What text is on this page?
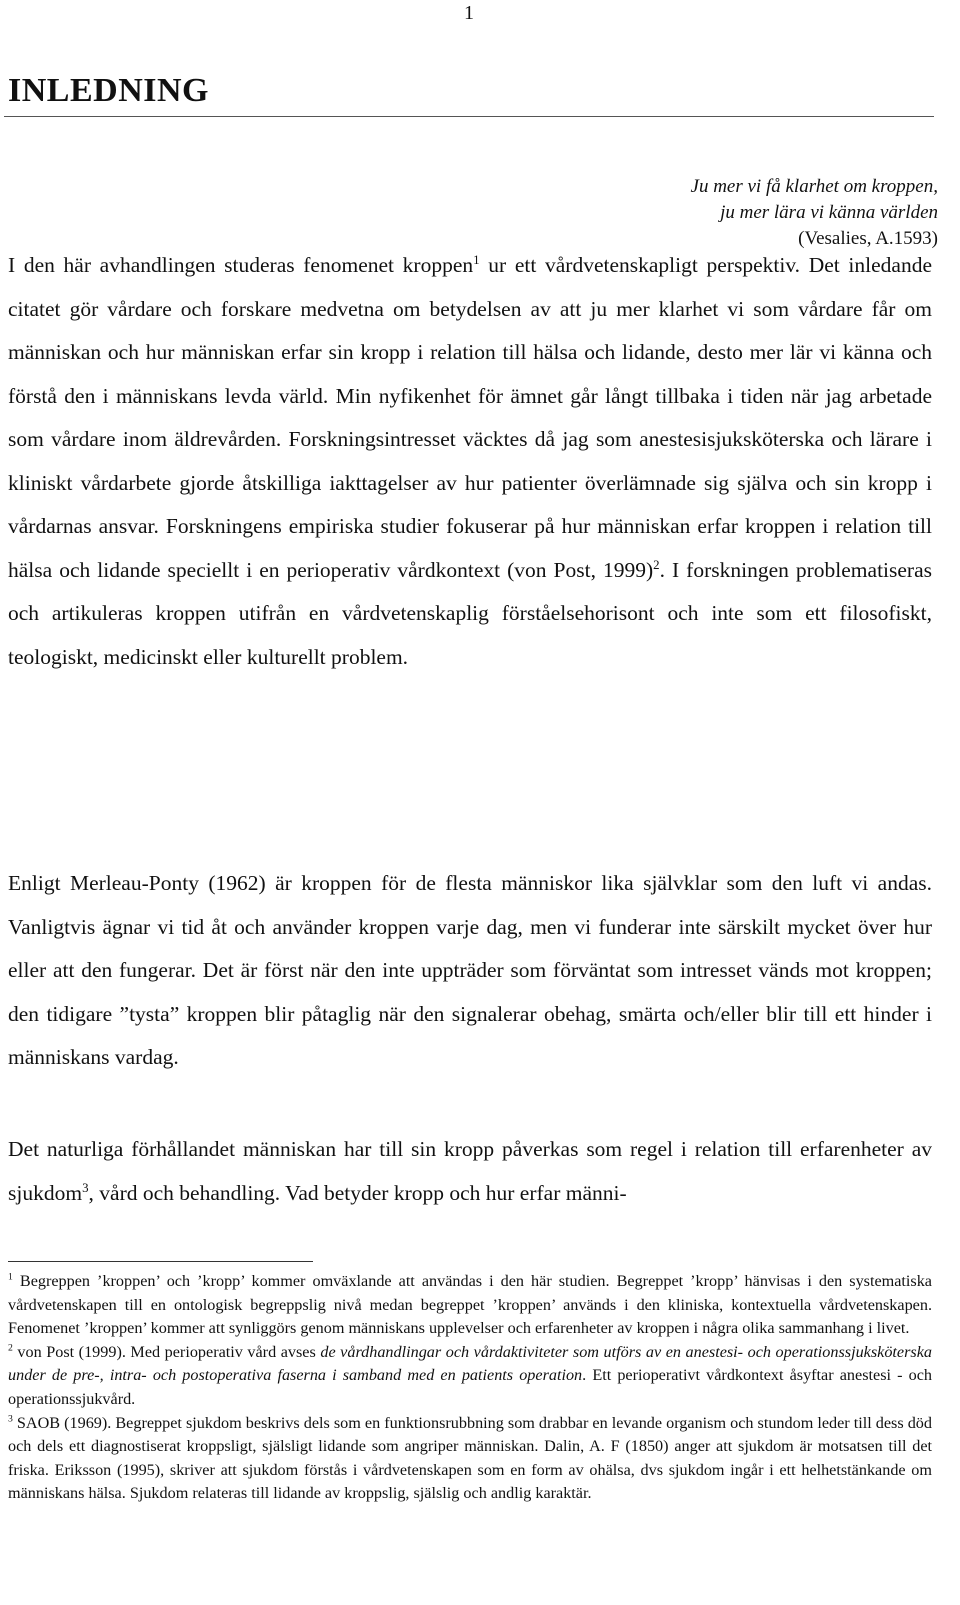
1
INLEDNING
Ju mer vi få klarhet om kroppen,
ju mer lära vi känna världen
(Vesalies, A.1593)

I den här avhandlingen studeras fenomenet kroppen$^1$ ur ett vårdvetenskapligt perspektiv. Det inledande citatet gör vårdare och forskare medvetna om betydelsen av att ju mer klarhet vi som vårdare får om människan och hur människan erfar sin kropp i relation till hälsa och lidande, desto mer lär vi känna och förstå den i människans levda värld. Min nyfikenhet för ämnet går långt tillbaka i tiden när jag arbetade som vårdare inom äldrevården. Forskningsintresset väcktes då jag som anestesisjuksköterska och lärare i kliniskt vårdarbete gjorde åtskilliga iakttagelser av hur patienter överlämnade sig själva och sin kropp i vårdarnas ansvar. Forskningens empiriska studier fokuserar på hur människan erfar kroppen i relation till hälsa och lidande speciellt i en perioperativ vårdkontext (von Post, 1999)$^2$. I forskningen problematiseras och artikuleras kroppen utifrån en vårdvetenskaplig förståelsehorisont och inte som ett filosofiskt, teologiskt, medicinskt eller kulturellt problem.

Enligt Merleau-Ponty (1962) är kroppen för de flesta människor lika självklar som den luft vi andas. Vanligtvis ägnar vi tid åt och använder kroppen varje dag, men vi funderar inte särskilt mycket över hur eller att den fungerar. Det är först när den inte uppträder som förväntat som intresset vänds mot kroppen; den tidigare ”tysta” kroppen blir påtaglig när den signalerar obehag, smärta och/eller blir till ett hinder i människans vardag.

Det naturliga förhållandet människan har till sin kropp påverkas som regel i relation till erfarenheter av sjukdom$^3$, vård och behandling. Vad betyder kropp och hur erfar männi-

$^1$ Begreppen ’kroppen’ och ’kropp’ kommer omväxlande att användas i den här studien. Begreppet ’kropp’ hänvisas i den systematiska vårdvetenskapen till en ontologisk begreppslig nivå medan begreppet ’kroppen’ används i den kliniska, kontextuella vårdvetenskapen. Fenomenet ’kroppen’ kommer att synliggörs genom människans upplevelser och erfarenheter av kroppen i några olika sammanhang i livet.

$^2$ von Post (1999). Med perioperativ vård avses de vårdhandlingar och vårdaktiviteter som utförs av en anestesi- och operationssjuksköterska under de pre-, intra- och postoperativa faserna i samband med en patients operation. Ett perioperativt vårdkontext åsyftar anestesi - och operationssjukvård.

$^3$ SAOB (1969). Begreppet sjukdom beskrivs dels som en funktionsrubbning som drabbar en levande organism och stundom leder till dess död och dels ett diagnostiserat kroppsligt, själsligt lidande som angriper människan. Dalin, A. F (1850) anger att sjukdom är motsatsen till det friska. Eriksson (1995), skriver att sjukdom förstås i vårdvetenskapen som en form av ohälsa, dvs sjukdom ingår i ett helhetstänkande om människans hälsa. Sjukdom relateras till lidande av kroppslig, själslig och andlig karaktär.
